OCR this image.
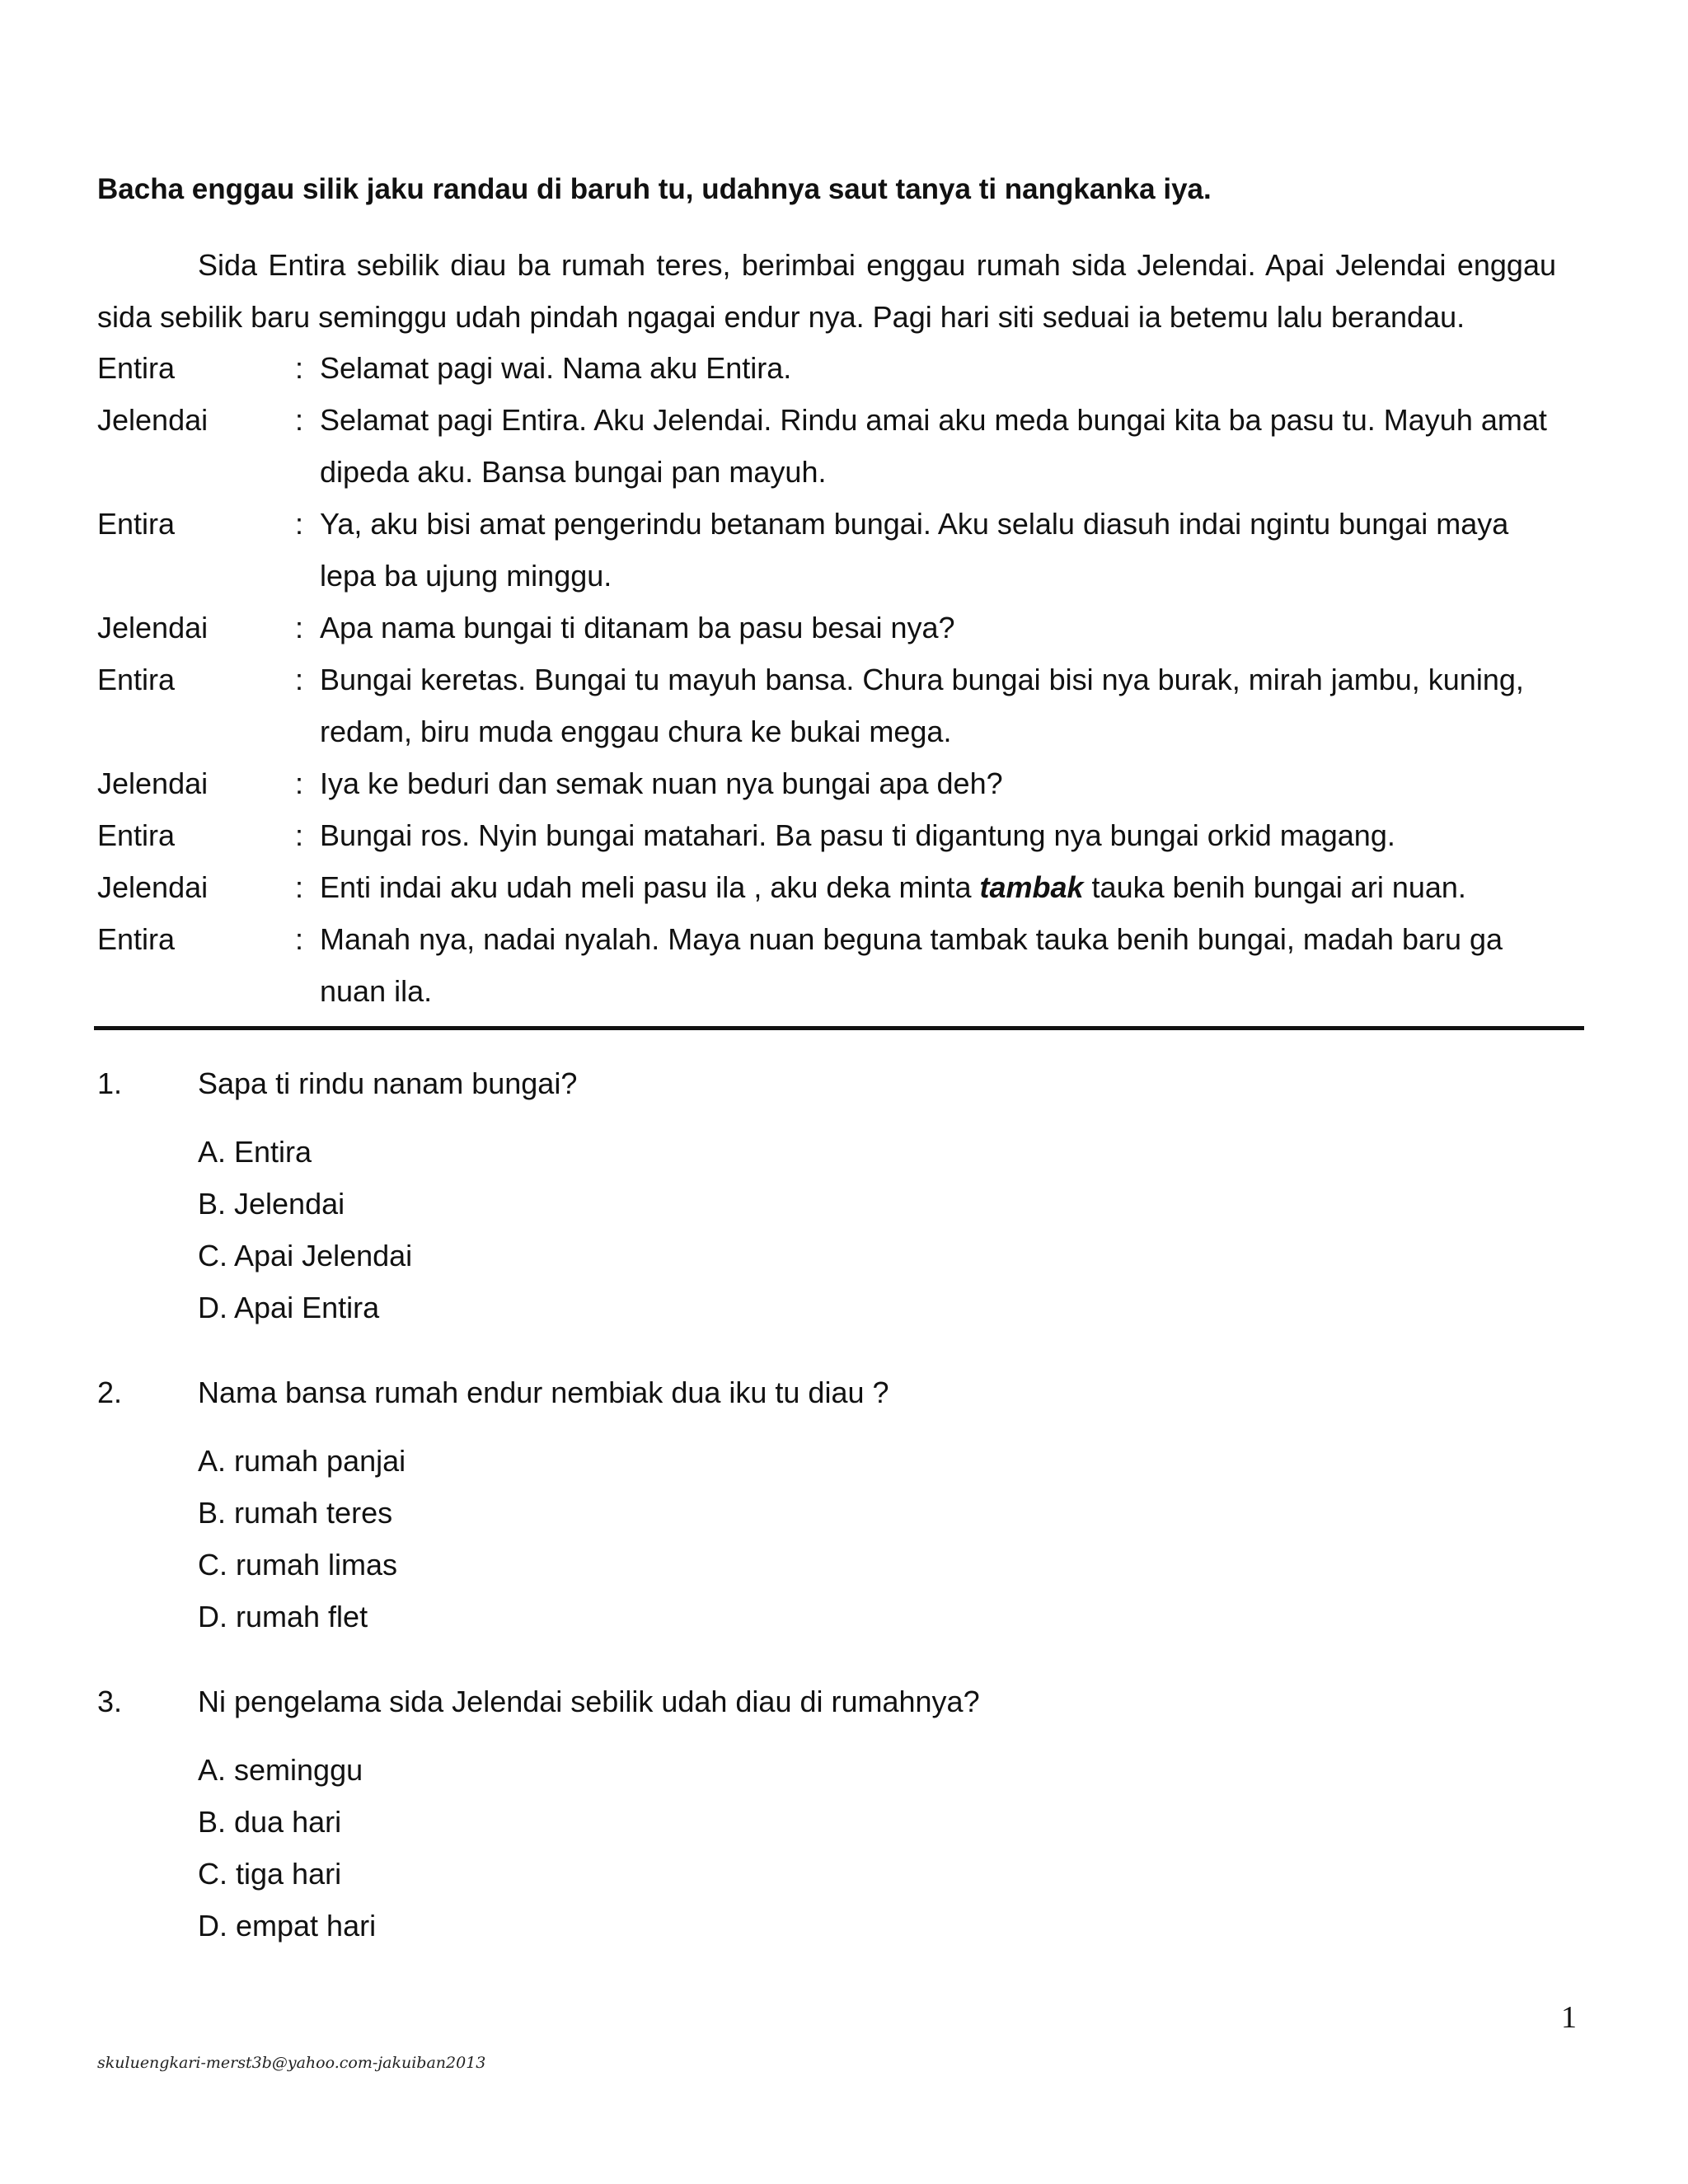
Bacha enggau silik jaku randau di baruh tu, udahnya saut tanya ti nangkanka iya.

Sida Entira sebilik diau ba rumah teres, berimbai enggau rumah sida Jelendai. Apai Jelendai enggau sida sebilik baru seminggu udah pindah ngagai endur nya. Pagi hari siti seduai ia betemu lalu berandau.

Entira	: Selamat pagi wai. Nama aku Entira.
Jelendai	: Selamat pagi Entira. Aku Jelendai. Rindu amai aku meda bungai kita ba pasu tu. Mayuh amat dipeda aku. Bansa bungai pan mayuh.
Entira	: Ya, aku bisi amat pengerindu betanam bungai. Aku selalu diasuh indai ngintu bungai maya lepa ba ujung minggu.
Jelendai	: Apa nama bungai ti ditanam ba pasu besai nya?
Entira	: Bungai keretas. Bungai tu mayuh bansa. Chura bungai bisi nya burak, mirah jambu, kuning, redam, biru muda enggau chura ke bukai mega.
Jelendai	: Iya ke beduri dan semak nuan nya bungai apa deh?
Entira	: Bungai ros. Nyin bungai matahari. Ba pasu ti digantung nya bungai orkid magang.
Jelendai	: Enti indai aku udah meli pasu ila , aku deka minta tambak tauka benih bungai ari nuan.
Entira	: Manah nya, nadai nyalah. Maya nuan beguna tambak tauka benih bungai, madah baru ga nuan ila.
1.	Sapa ti rindu nanam bungai?
A. Entira
B. Jelendai
C. Apai Jelendai
D. Apai Entira
2.	Nama bansa rumah endur nembiak dua iku tu diau ?
A. rumah panjai
B. rumah teres
C. rumah limas
D. rumah flet
3.	Ni pengelama sida Jelendai sebilik udah diau di rumahnya?
A. seminggu
B. dua hari
C. tiga hari
D. empat hari
1
skuluengkari-merst3b@yahoo.com-jakuiban2013
